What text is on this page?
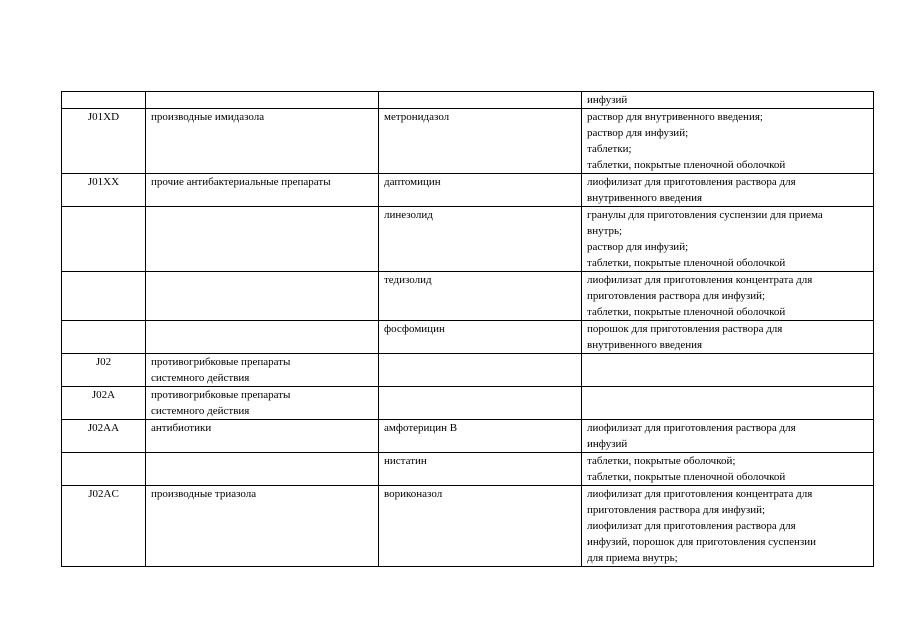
			инфузий

J01XD	производные имидазола	метронидазол	раствор для внутривенного введения;
раствор для инфузий;
таблетки;
таблетки, покрытые пленочной оболочкой

J01XX	прочие антибактериальные препараты	даптомицин	лиофилизат для приготовления раствора для
внутривенного введения

		линезолид	гранулы для приготовления суспензии для приема
внутрь;
раствор для инфузий;
таблетки, покрытые пленочной оболочкой

		тедизолид	лиофилизат для приготовления концентрата для
приготовления раствора для инфузий;
таблетки, покрытые пленочной оболочкой

		фосфомицин	порошок для приготовления раствора для
внутривенного введения

J02	противогрибковые препараты
системного действия		

J02A	противогрибковые препараты
системного действия		

J02AA	антибиотики	амфотерицин В	лиофилизат для приготовления раствора для
инфузий

		нистатин	таблетки, покрытые оболочкой;
таблетки, покрытые пленочной оболочкой

J02AC	производные триазола	вориконазол	лиофилизат для приготовления концентрата для
приготовления раствора для инфузий;
лиофилизат для приготовления раствора для
инфузий, порошок для приготовления суспензии
для приема внутрь;
